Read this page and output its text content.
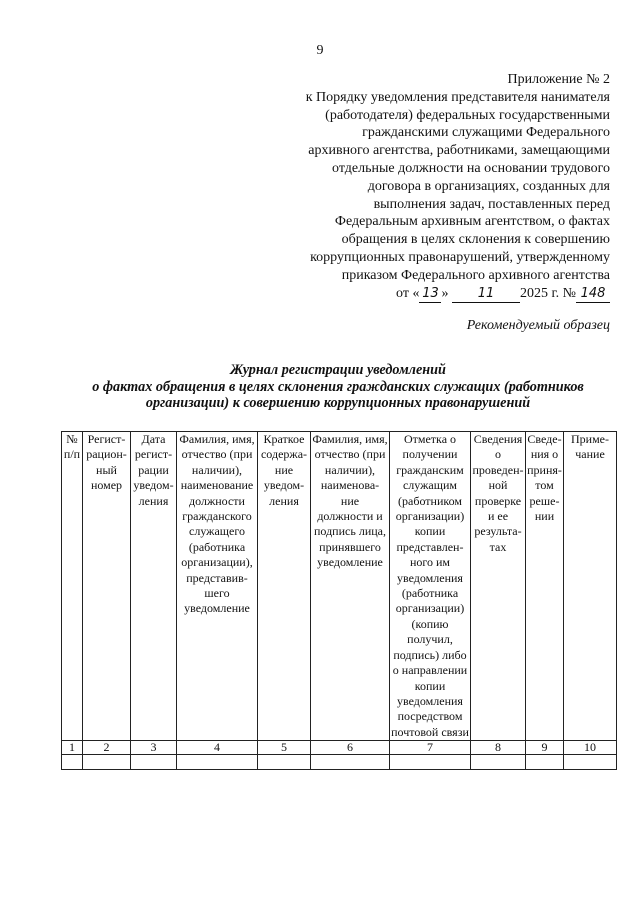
9
Приложение № 2
к Порядку уведомления представителя нанимателя
(работодателя) федеральных государственными
гражданскими служащими Федерального
архивного агентства, работниками, замещающими
отдельные должности на основании трудового
договора в организациях, созданных для
выполнения задач, поставленных перед
Федеральным архивным агентством, о фактах
обращения в целях склонения к совершению
коррупционных правонарушений, утвержденному
приказом Федерального архивного агентства
от « 13 » 11 2025 г. № 148
Рекомендуемый образец
Журнал регистрации уведомлений
о фактах обращения в целях склонения гражданских служащих (работников
организации) к совершению коррупционных правонарушений
№ п/п	Регист-рацион-ный номер	Дата регист-рации уведом-ления	Фамилия, имя, отчество (при наличии), наименование должности гражданского служащего (работника организации), представив-шего уведомление	Краткое содержа-ние уведом-ления	Фамилия, имя, отчество (при наличии), наименова-ние должности и подпись лица, принявшего уведомление	Отметка о получении гражданским служащим (работником организации) копии представлен-ного им уведомления (работника организации) (копию получил, подпись) либо о направлении копии уведомления посредством почтовой связи	Сведения о проведен-ной проверке и ее результа-тах	Сведе-ния о приня-том реше-нии	Приме-чание
1	2	3	4	5	6	7	8	9	10
